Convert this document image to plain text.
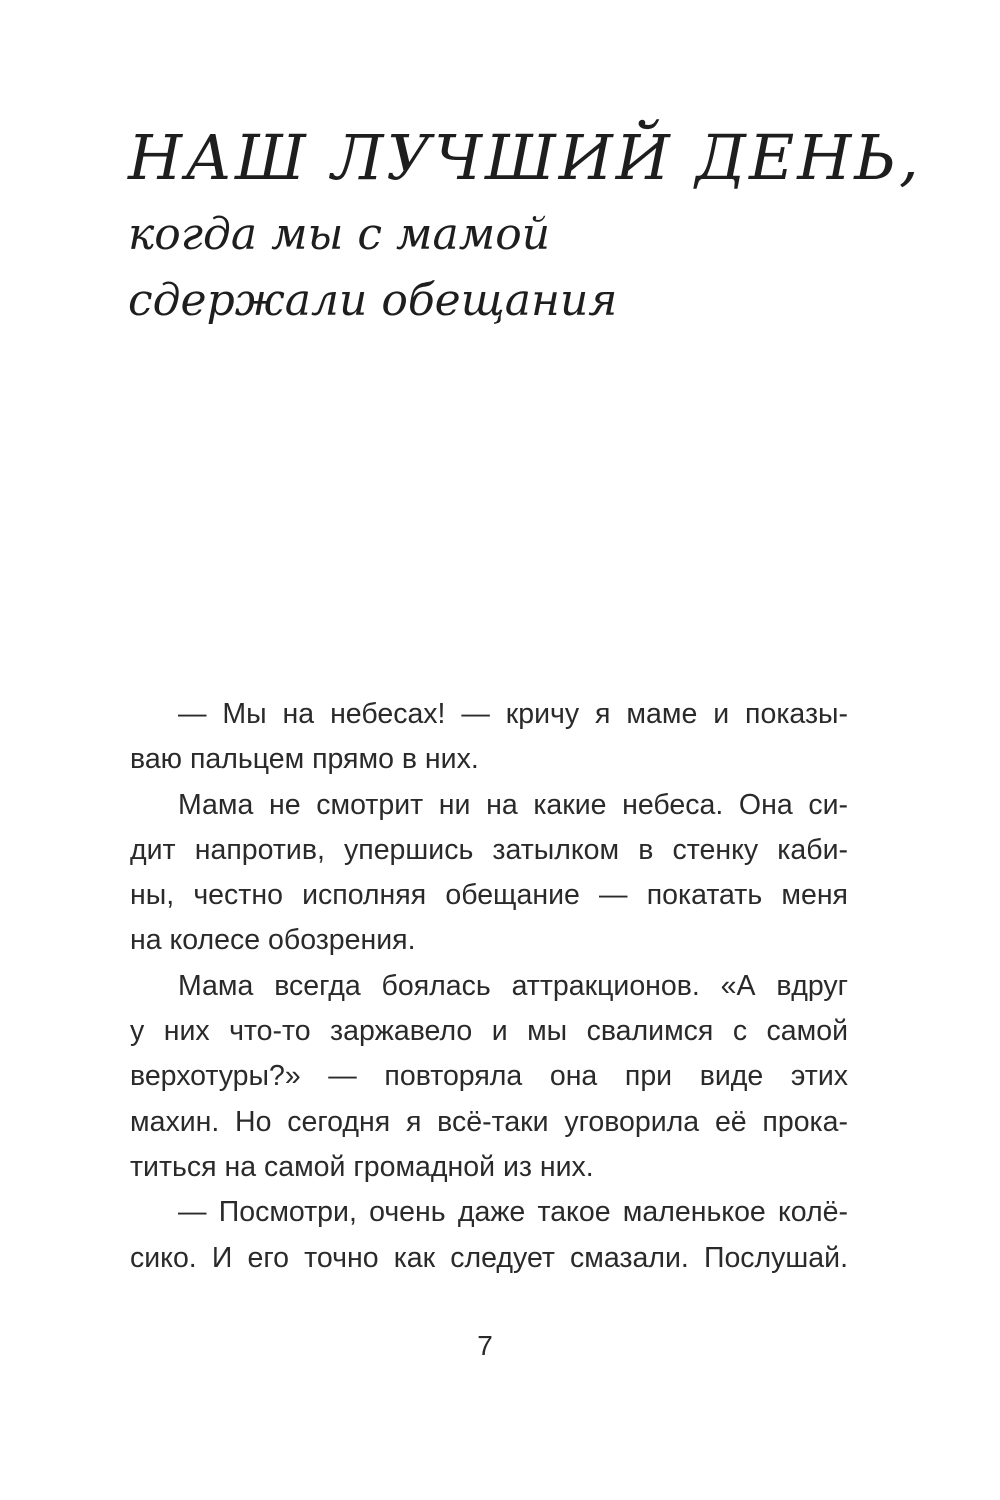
НАШ ЛУЧШИЙ ДЕНЬ,
когда мы с мамой
сдержали обещания
— Мы на небесах! — кричу я маме и показы-
ваю пальцем прямо в них.
Мама не смотрит ни на какие небеса. Она си-
дит напротив, упершись затылком в стенку каби-
ны, честно исполняя обещание — покатать меня
на колесе обозрения.
Мама всегда боялась аттракционов. «А вдруг
у них что-то заржавело и мы свалимся с самой
верхотуры?» — повторяла она при виде этих
махин. Но сегодня я всё-таки уговорила её прока-
титься на самой громадной из них.
— Посмотри, очень даже такое маленькое колё-
сико. И его точно как следует смазали. Послушай.
7
